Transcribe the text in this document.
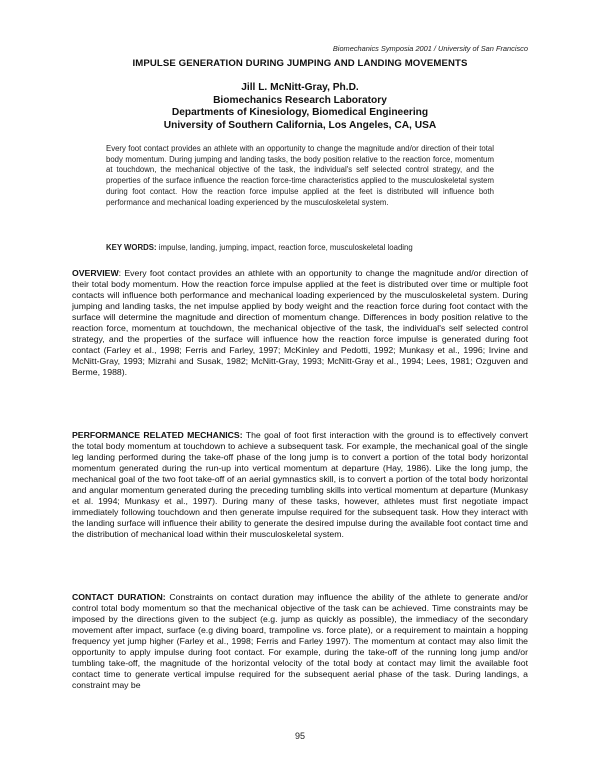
Biomechanics Symposia 2001 / University of San Francisco
IMPULSE GENERATION DURING JUMPING AND LANDING MOVEMENTS
Jill L. McNitt-Gray, Ph.D.
Biomechanics Research Laboratory
Departments of Kinesiology, Biomedical Engineering
University of Southern California, Los Angeles, CA, USA
Every foot contact provides an athlete with an opportunity to change the magnitude and/or direction of their total body momentum. During jumping and landing tasks, the body position relative to the reaction force, momentum at touchdown, the mechanical objective of the task, the individual's self selected control strategy, and the properties of the surface influence the reaction force-time characteristics applied to the musculoskeletal system during foot contact. How the reaction force impulse applied at the feet is distributed will influence both performance and mechanical loading experienced by the musculoskeletal system.
KEY WORDS: impulse, landing, jumping, impact, reaction force, musculoskeletal loading
OVERVIEW: Every foot contact provides an athlete with an opportunity to change the magnitude and/or direction of their total body momentum. How the reaction force impulse applied at the feet is distributed over time or multiple foot contacts will influence both performance and mechanical loading experienced by the musculoskeletal system. During jumping and landing tasks, the net impulse applied by body weight and the reaction force during foot contact with the surface will determine the magnitude and direction of momentum change. Differences in body position relative to the reaction force, momentum at touchdown, the mechanical objective of the task, the individual's self selected control strategy, and the properties of the surface will influence how the reaction force impulse is generated during foot contact (Farley et al., 1998; Ferris and Farley, 1997; McKinley and Pedotti, 1992; Munkasy et al., 1996; Irvine and McNitt-Gray, 1993; Mizrahi and Susak, 1982; McNitt-Gray, 1993; McNitt-Gray et al., 1994; Lees, 1981; Ozguven and Berme, 1988).
PERFORMANCE RELATED MECHANICS: The goal of foot first interaction with the ground is to effectively convert the total body momentum at touchdown to achieve a subsequent task. For example, the mechanical goal of the single leg landing performed during the take-off phase of the long jump is to convert a portion of the total body horizontal momentum generated during the run-up into vertical momentum at departure (Hay, 1986). Like the long jump, the mechanical goal of the two foot take-off of an aerial gymnastics skill, is to convert a portion of the total body horizontal and angular momentum generated during the preceding tumbling skills into vertical momentum at departure (Munkasy et al. 1994; Munkasy et al., 1997). During many of these tasks, however, athletes must first negotiate impact immediately following touchdown and then generate impulse required for the subsequent task. How they interact with the landing surface will influence their ability to generate the desired impulse during the available foot contact time and the distribution of mechanical load within their musculoskeletal system.
CONTACT DURATION: Constraints on contact duration may influence the ability of the athlete to generate and/or control total body momentum so that the mechanical objective of the task can be achieved. Time constraints may be imposed by the directions given to the subject (e.g. jump as quickly as possible), the immediacy of the secondary movement after impact, surface (e.g diving board, trampoline vs. force plate), or a requirement to maintain a hopping frequency yet jump higher (Farley et al., 1998; Ferris and Farley 1997). The momentum at contact may also limit the opportunity to apply impulse during foot contact. For example, during the take-off of the running long jump and/or tumbling take-off, the magnitude of the horizontal velocity of the total body at contact may limit the available foot contact time to generate vertical impulse required for the subsequent aerial phase of the task. During landings, a constraint may be
95
